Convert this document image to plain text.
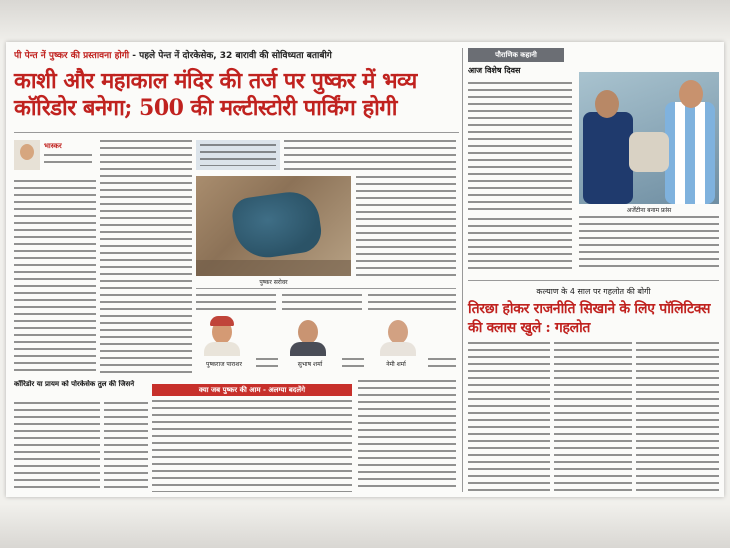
पी पेन्त नें पुष्कर की प्रस्तावना होगी - पहले पेन्त नें दोरकेसेक, 32 बारावी की सोविध्यता बताबीगे
काशी और महाकाल मंदिर की तर्ज पर पुष्कर में भव्य कॉरिडोर बनेगा; 500 की मल्टीस्टोरी पार्किंग होगी
भास्कर
कॉरिडोर या प्रायम को पोरकेसेक तुल की जिसने
पुष्कर सरोवर
पुष्कराज पाराशर	सुभाष शर्मा	नेमी शर्मा
क्या जब पुष्कर की आम - अलग्या बदलेंगे
पौराणिक कहानी
आज विशेष दिवस
अर्जेंटीना बनाम फ्रांस
कल्याण के 4 साल पर गहलोत की बोगी
तिरछा होकर राजनीति सिखाने के लिए पॉलिटिक्स की क्लास खुले : गहलोत
